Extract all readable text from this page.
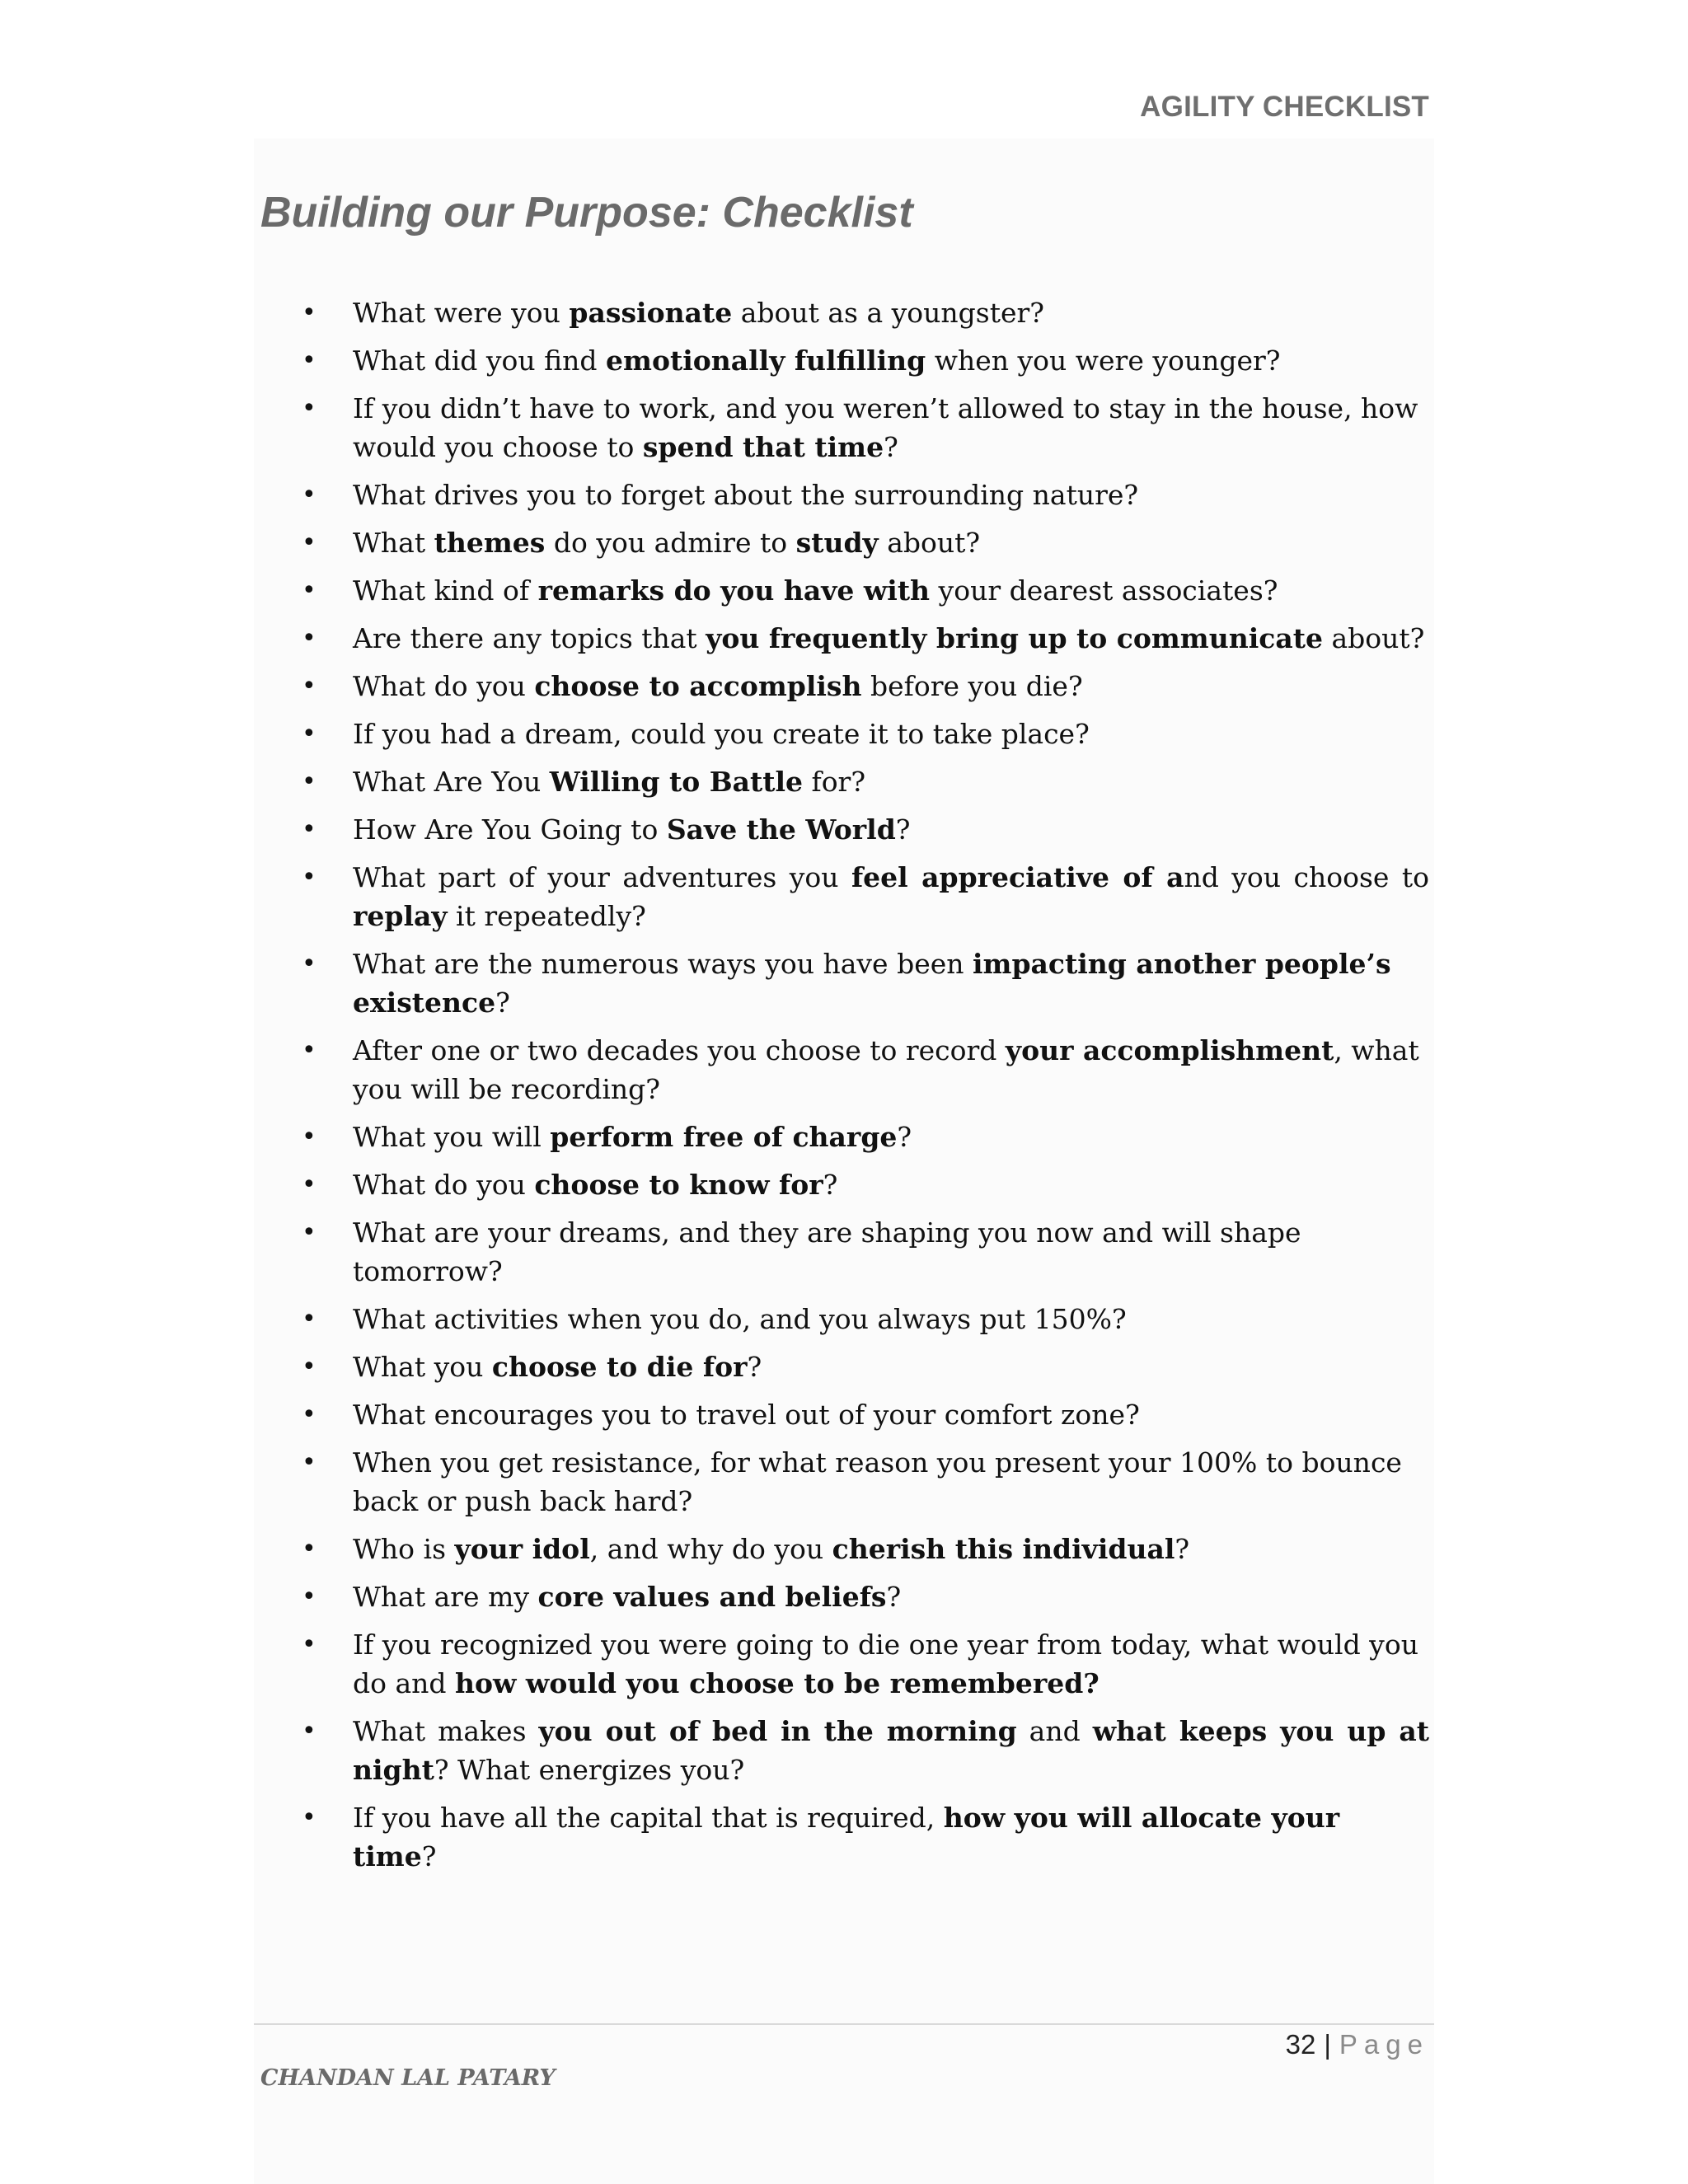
AGILITY CHECKLIST
Building our Purpose: Checklist
•	What were you passionate about as a youngster?
•	What did you find emotionally fulfilling when you were younger?
•	If you didn’t have to work, and you weren’t allowed to stay in the house, how would you choose to spend that time?
•	What drives you to forget about the surrounding nature?
•	What themes do you admire to study about?
•	What kind of remarks do you have with your dearest associates?
•	Are there any topics that you frequently bring up to communicate about?
•	What do you choose to accomplish before you die?
•	If you had a dream, could you create it to take place?
•	What Are You Willing to Battle for?
•	How Are You Going to Save the World?
•	What part of your adventures you feel appreciative of and you choose to replay it repeatedly?
•	What are the numerous ways you have been impacting another people’s existence?
•	After one or two decades you choose to record your accomplishment, what you will be recording?
•	What you will perform free of charge?
•	What do you choose to know for?
•	What are your dreams, and they are shaping you now and will shape tomorrow?
•	What activities when you do, and you always put 150%?
•	What you choose to die for?
•	What encourages you to travel out of your comfort zone?
•	When you get resistance, for what reason you present your 100% to bounce back or push back hard?
•	Who is your idol, and why do you cherish this individual?
•	What are my core values and beliefs?
•	If you recognized you were going to die one year from today, what would you do and how would you choose to be remembered?
•	What makes you out of bed in the morning and what keeps you up at night? What energizes you?
•	If you have all the capital that is required, how you will allocate your time?
32 | Page
CHANDAN LAL PATARY
